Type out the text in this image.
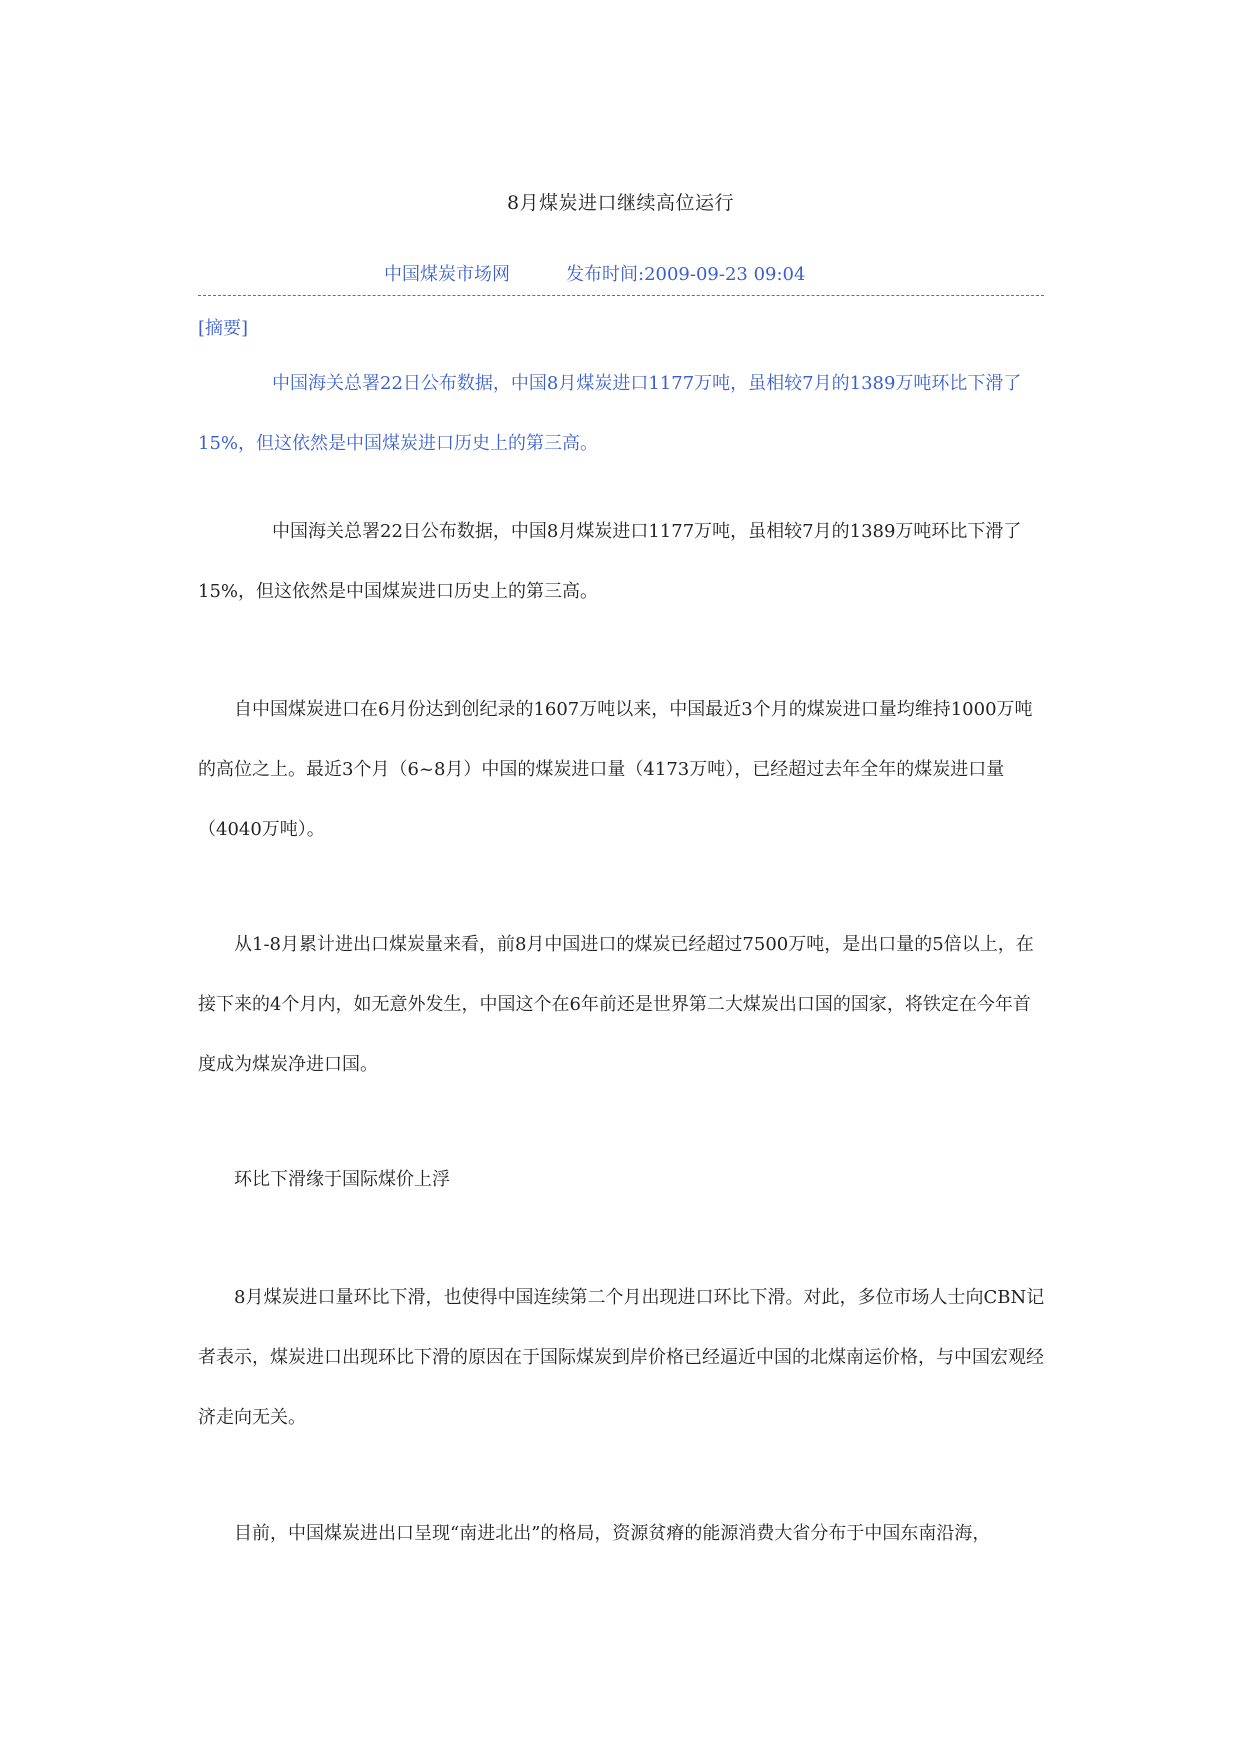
8月煤炭进口继续高位运行
中国煤炭市场网	发布时间:2009-09-23 09:04
[摘要]

中国海关总署22日公布数据，中国8月煤炭进口1177万吨，虽相较7月的1389万吨环比下滑了15%，但这依然是中国煤炭进口历史上的第三高。

中国海关总署22日公布数据，中国8月煤炭进口1177万吨，虽相较7月的1389万吨环比下滑了15%，但这依然是中国煤炭进口历史上的第三高。

自中国煤炭进口在6月份达到创纪录的1607万吨以来，中国最近3个月的煤炭进口量均维持1000万吨的高位之上。最近3个月（6~8月）中国的煤炭进口量（4173万吨），已经超过去年全年的煤炭进口量（4040万吨）。

从1-8月累计进出口煤炭量来看，前8月中国进口的煤炭已经超过7500万吨，是出口量的5倍以上，在接下来的4个月内，如无意外发生，中国这个在6年前还是世界第二大煤炭出口国的国家，将铁定在今年首度成为煤炭净进口国。

环比下滑缘于国际煤价上浮

8月煤炭进口量环比下滑，也使得中国连续第二个月出现进口环比下滑。对此，多位市场人士向CBN记者表示，煤炭进口出现环比下滑的原因在于国际煤炭到岸价格已经逼近中国的北煤南运价格，与中国宏观经济走向无关。

目前，中国煤炭进出口呈现“南进北出”的格局，资源贫瘠的能源消费大省分布于中国东南沿海，
